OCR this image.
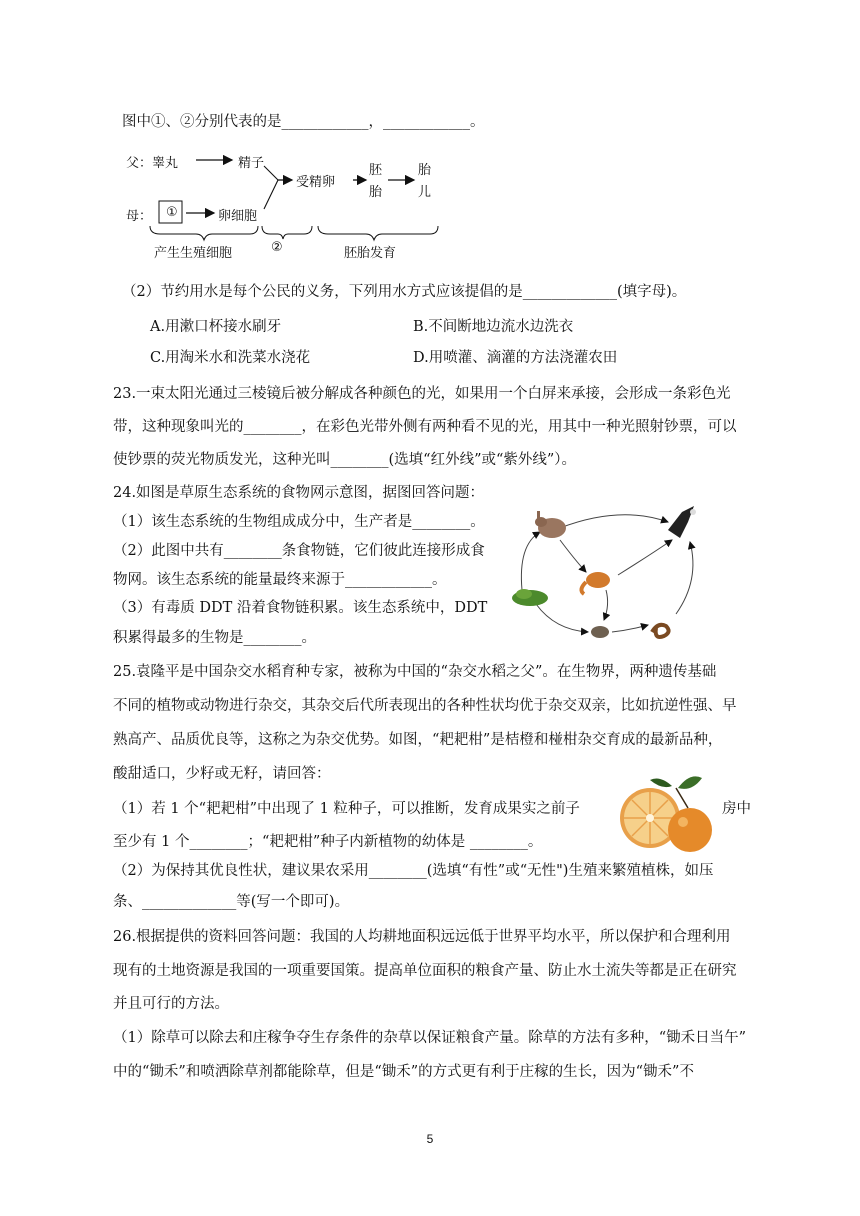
图中①、②分别代表的是____________，____________。
父：睾丸	精子
母： ①	卵细胞
受精卵
胚胎
胎儿
产生生殖细胞	②	胚胎发育
（2）节约用水是每个公民的义务，下列用水方式应该提倡的是_____________(填字母)。
A.用漱口杯接水刷牙	B.不间断地边流水边洗衣
C.用淘米水和洗菜水浇花	D.用喷灌、滴灌的方法浇灌农田
23.一束太阳光通过三棱镜后被分解成各种颜色的光，如果用一个白屏来承接，会形成一条彩色光
带，这种现象叫光的________，在彩色光带外侧有两种看不见的光，用其中一种光照射钞票，可以
使钞票的荧光物质发光，这种光叫________(选填“红外线”或“紫外线”）。
24.如图是草原生态系统的食物网示意图，据图回答问题：
（1）该生态系统的生物组成成分中，生产者是________。
（2）此图中共有________条食物链，它们彼此连接形成食
物网。该生态系统的能量最终来源于____________。
（3）有毒质 DDT 沿着食物链积累。该生态系统中，DDT
积累得最多的生物是________。
25.袁隆平是中国杂交水稻育种专家，被称为中国的“杂交水稻之父”。在生物界，两种遗传基础
不同的植物或动物进行杂交，其杂交后代所表现出的各种性状均优于杂交双亲，比如抗逆性强、早
熟高产、品质优良等，这称之为杂交优势。如图，“耙耙柑”是桔橙和椪柑杂交育成的最新品种，
酸甜适口，少籽或无籽，请回答：
（1）若 1 个“耙耙柑”中出现了 1 粒种子，可以推断，发育成果实之前子	房中
至少有 1 个________；“耙耙柑”种子内新植物的幼体是 ________。
（2）为保持其优良性状，建议果农采用________(选填“有性”或“无性")生殖来繁殖植株，如压
条、_____________等(写一个即可)。
26.根据提供的资料回答问题：我国的人均耕地面积远远低于世界平均水平，所以保护和合理利用
现有的土地资源是我国的一项重要国策。提高单位面积的粮食产量、防止水土流失等都是正在研究
并且可行的方法。
（1）除草可以除去和庄稼争夺生存条件的杂草以保证粮食产量。除草的方法有多种，“锄禾日当午”
中的“锄禾”和喷洒除草剂都能除草，但是“锄禾”的方式更有利于庄稼的生长，因为“锄禾”不
5
